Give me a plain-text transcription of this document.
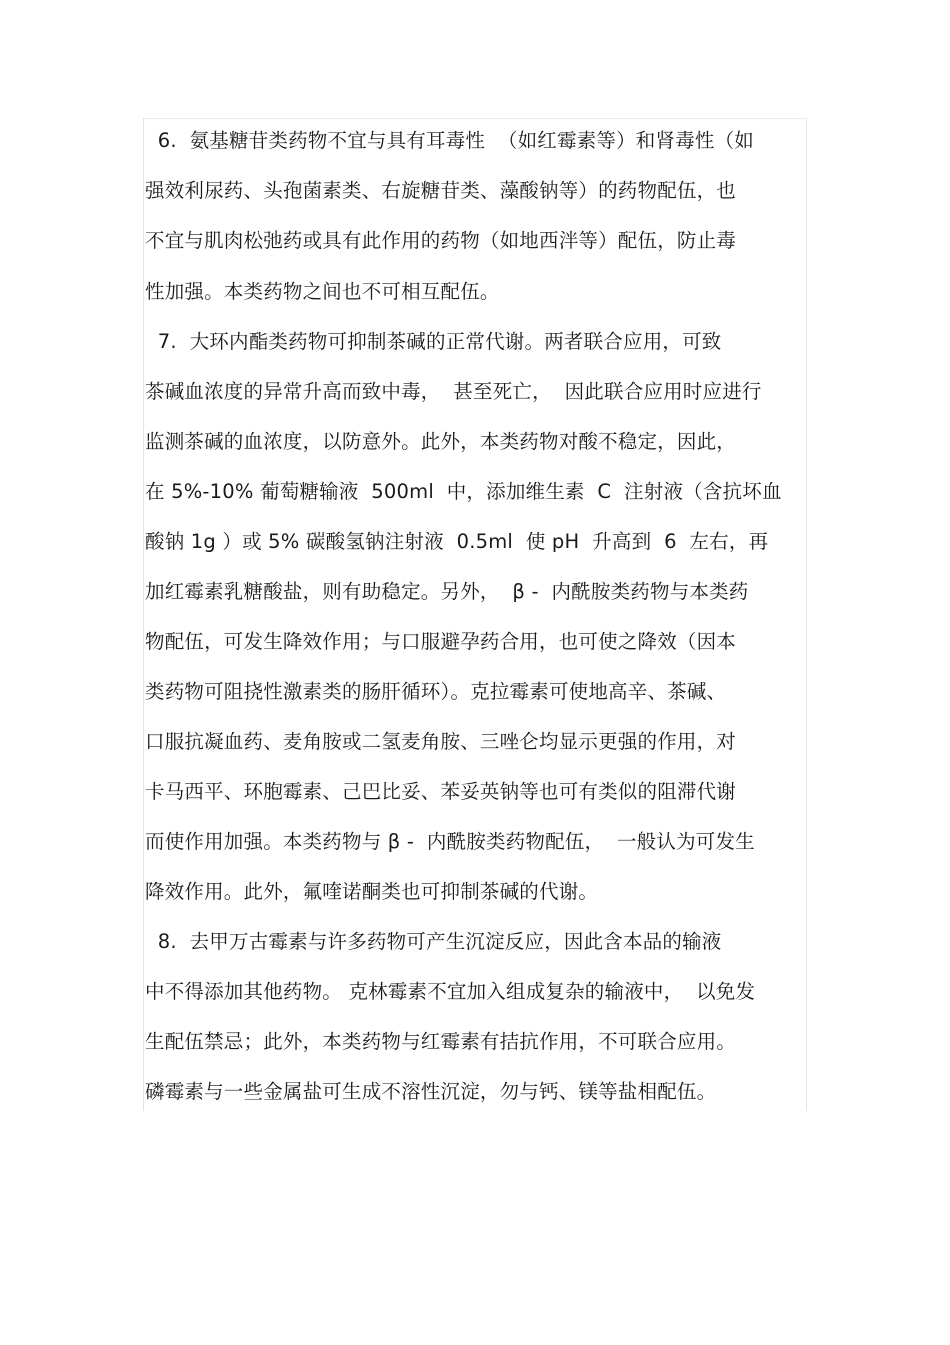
6.  氨基糖苷类药物不宜与具有耳毒性  （如红霉素等）和肾毒性（如
强效利尿药、头孢菌素类、右旋糖苷类、藻酸钠等）的药物配伍，也
不宜与肌肉松弛药或具有此作用的药物（如地西泮等）配伍，防止毒
性加强。本类药物之间也不可相互配伍。
7.  大环内酯类药物可抑制茶碱的正常代谢。两者联合应用，可致
茶碱血浓度的异常升高而致中毒，  甚至死亡，  因此联合应用时应进行
监测茶碱的血浓度，以防意外。此外，本类药物对酸不稳定，因此，
在 5%-10% 葡萄糖输液  500ml  中，添加维生素  C  注射液（含抗坏血
酸钠 1g ）或 5% 碳酸氢钠注射液  0.5ml  使 pH  升高到  6  左右，再
加红霉素乳糖酸盐，则有助稳定。另外，  β -  内酰胺类药物与本类药
物配伍，可发生降效作用；与口服避孕药合用，也可使之降效（因本
类药物可阻挠性激素类的肠肝循环）。克拉霉素可使地高辛、茶碱、
口服抗凝血药、麦角胺或二氢麦角胺、三唑仑均显示更强的作用，对
卡马西平、环胞霉素、己巴比妥、苯妥英钠等也可有类似的阻滞代谢
而使作用加强。本类药物与 β -  内酰胺类药物配伍，  一般认为可发生
降效作用。此外，氟喹诺酮类也可抑制茶碱的代谢。
8.  去甲万古霉素与许多药物可产生沉淀反应，因此含本品的输液
中不得添加其他药物。 克林霉素不宜加入组成复杂的输液中，  以免发
生配伍禁忌；此外，本类药物与红霉素有拮抗作用，不可联合应用。
磷霉素与一些金属盐可生成不溶性沉淀，勿与钙、镁等盐相配伍。
